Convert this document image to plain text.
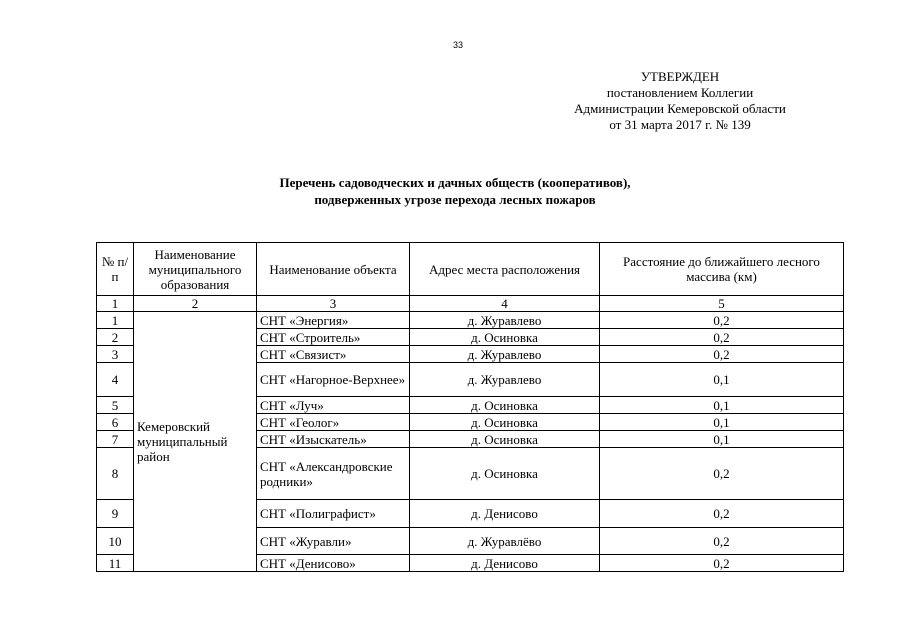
33
УТВЕРЖДЕН
постановлением Коллегии
Администрации Кемеровской области
от 31 марта 2017 г. № 139
Перечень садоводческих и дачных обществ (кооперативов),
подверженных угрозе перехода лесных пожаров
№ п/п	Наименование муниципального образования	Наименование объекта	Адрес места расположения	Расстояние до ближайшего лесного массива (км)
1	2	3	4	5
1	Кемеровский муниципальный район	СНТ «Энергия»	д. Журавлево	0,2
2		СНТ «Строитель»	д. Осиновка	0,2
3		СНТ «Связист»	д. Журавлево	0,2
4		СНТ «Нагорное-Верхнее»	д. Журавлево	0,1
5		СНТ «Луч»	д. Осиновка	0,1
6		СНТ «Геолог»	д. Осиновка	0,1
7		СНТ «Изыскатель»	д. Осиновка	0,1
8		СНТ «Александровские родники»	д. Осиновка	0,2
9		СНТ «Полиграфист»	д. Денисово	0,2
10		СНТ «Журавли»	д. Журавлёво	0,2
11		СНТ «Денисово»	д. Денисово	0,2
